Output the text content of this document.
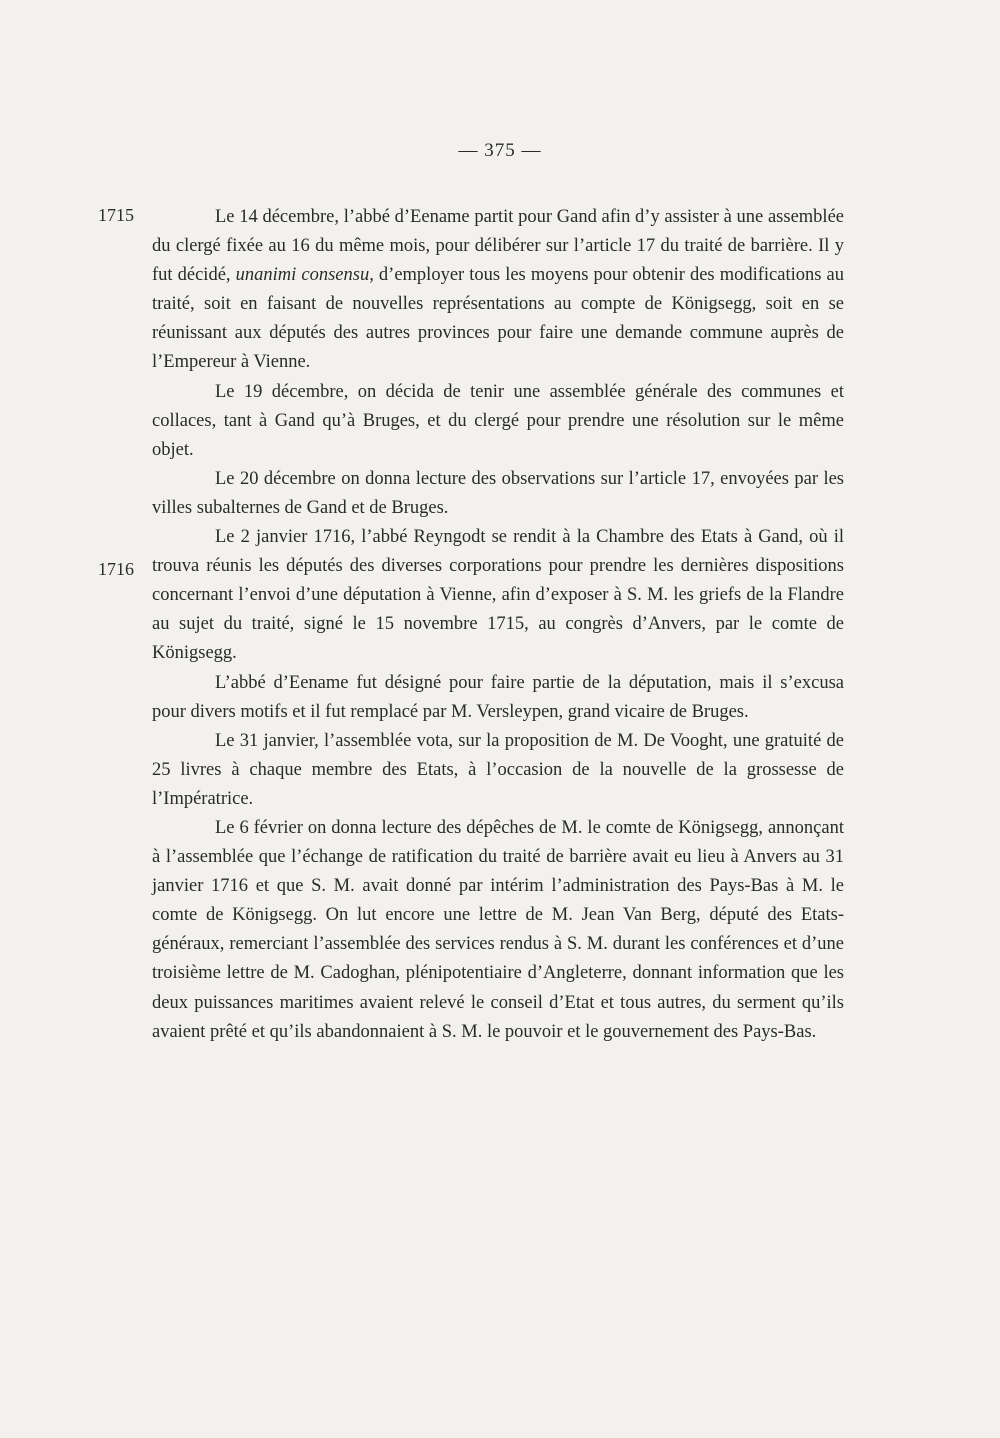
— 375 —
1715
1716

Le 14 décembre, l’abbé d’Eename partit pour Gand afin d’y assister à une assemblée du clergé fixée au 16 du même mois, pour délibérer sur l’article 17 du traité de barrière. Il y fut décidé, unanimi consensu, d’employer tous les moyens pour obtenir des modifications au traité, soit en faisant de nouvelles représentations au compte de Königsegg, soit en se réunissant aux députés des autres provinces pour faire une demande commune auprès de l’Empereur à Vienne.

Le 19 décembre, on décida de tenir une assemblée générale des communes et collaces, tant à Gand qu’à Bruges, et du clergé pour prendre une résolution sur le même objet.

Le 20 décembre on donna lecture des observations sur l’article 17, envoyées par les villes subalternes de Gand et de Bruges.

Le 2 janvier 1716, l’abbé Reyngodt se rendit à la Chambre des Etats à Gand, où il trouva réunis les députés des diverses corporations pour prendre les dernières dispositions concernant l’envoi d’une députation à Vienne, afin d’exposer à S. M. les griefs de la Flandre au sujet du traité, signé le 15 novembre 1715, au congrès d’Anvers, par le comte de Königsegg.

L’abbé d’Eename fut désigné pour faire partie de la députation, mais il s’excusa pour divers motifs et il fut remplacé par M. Versleypen, grand vicaire de Bruges.

Le 31 janvier, l’assemblée vota, sur la proposition de M. De Vooght, une gratuité de 25 livres à chaque membre des Etats, à l’occasion de la nouvelle de la grossesse de l’Impératrice.

Le 6 février on donna lecture des dépêches de M. le comte de Königsegg, annonçant à l’assemblée que l’échange de ratification du traité de barrière avait eu lieu à Anvers au 31 janvier 1716 et que S. M. avait donné par intérim l’administration des Pays-Bas à M. le comte de Königsegg. On lut encore une lettre de M. Jean Van Berg, député des Etats-généraux, remerciant l’assemblée des services rendus à S. M. durant les conférences et d’une troisième lettre de M. Cadoghan, plénipotentiaire d’Angleterre, donnant information que les deux puissances maritimes avaient relevé le conseil d’Etat et tous autres, du serment qu’ils avaient prêté et qu’ils abandonnaient à S. M. le pouvoir et le gouvernement des Pays-Bas.
